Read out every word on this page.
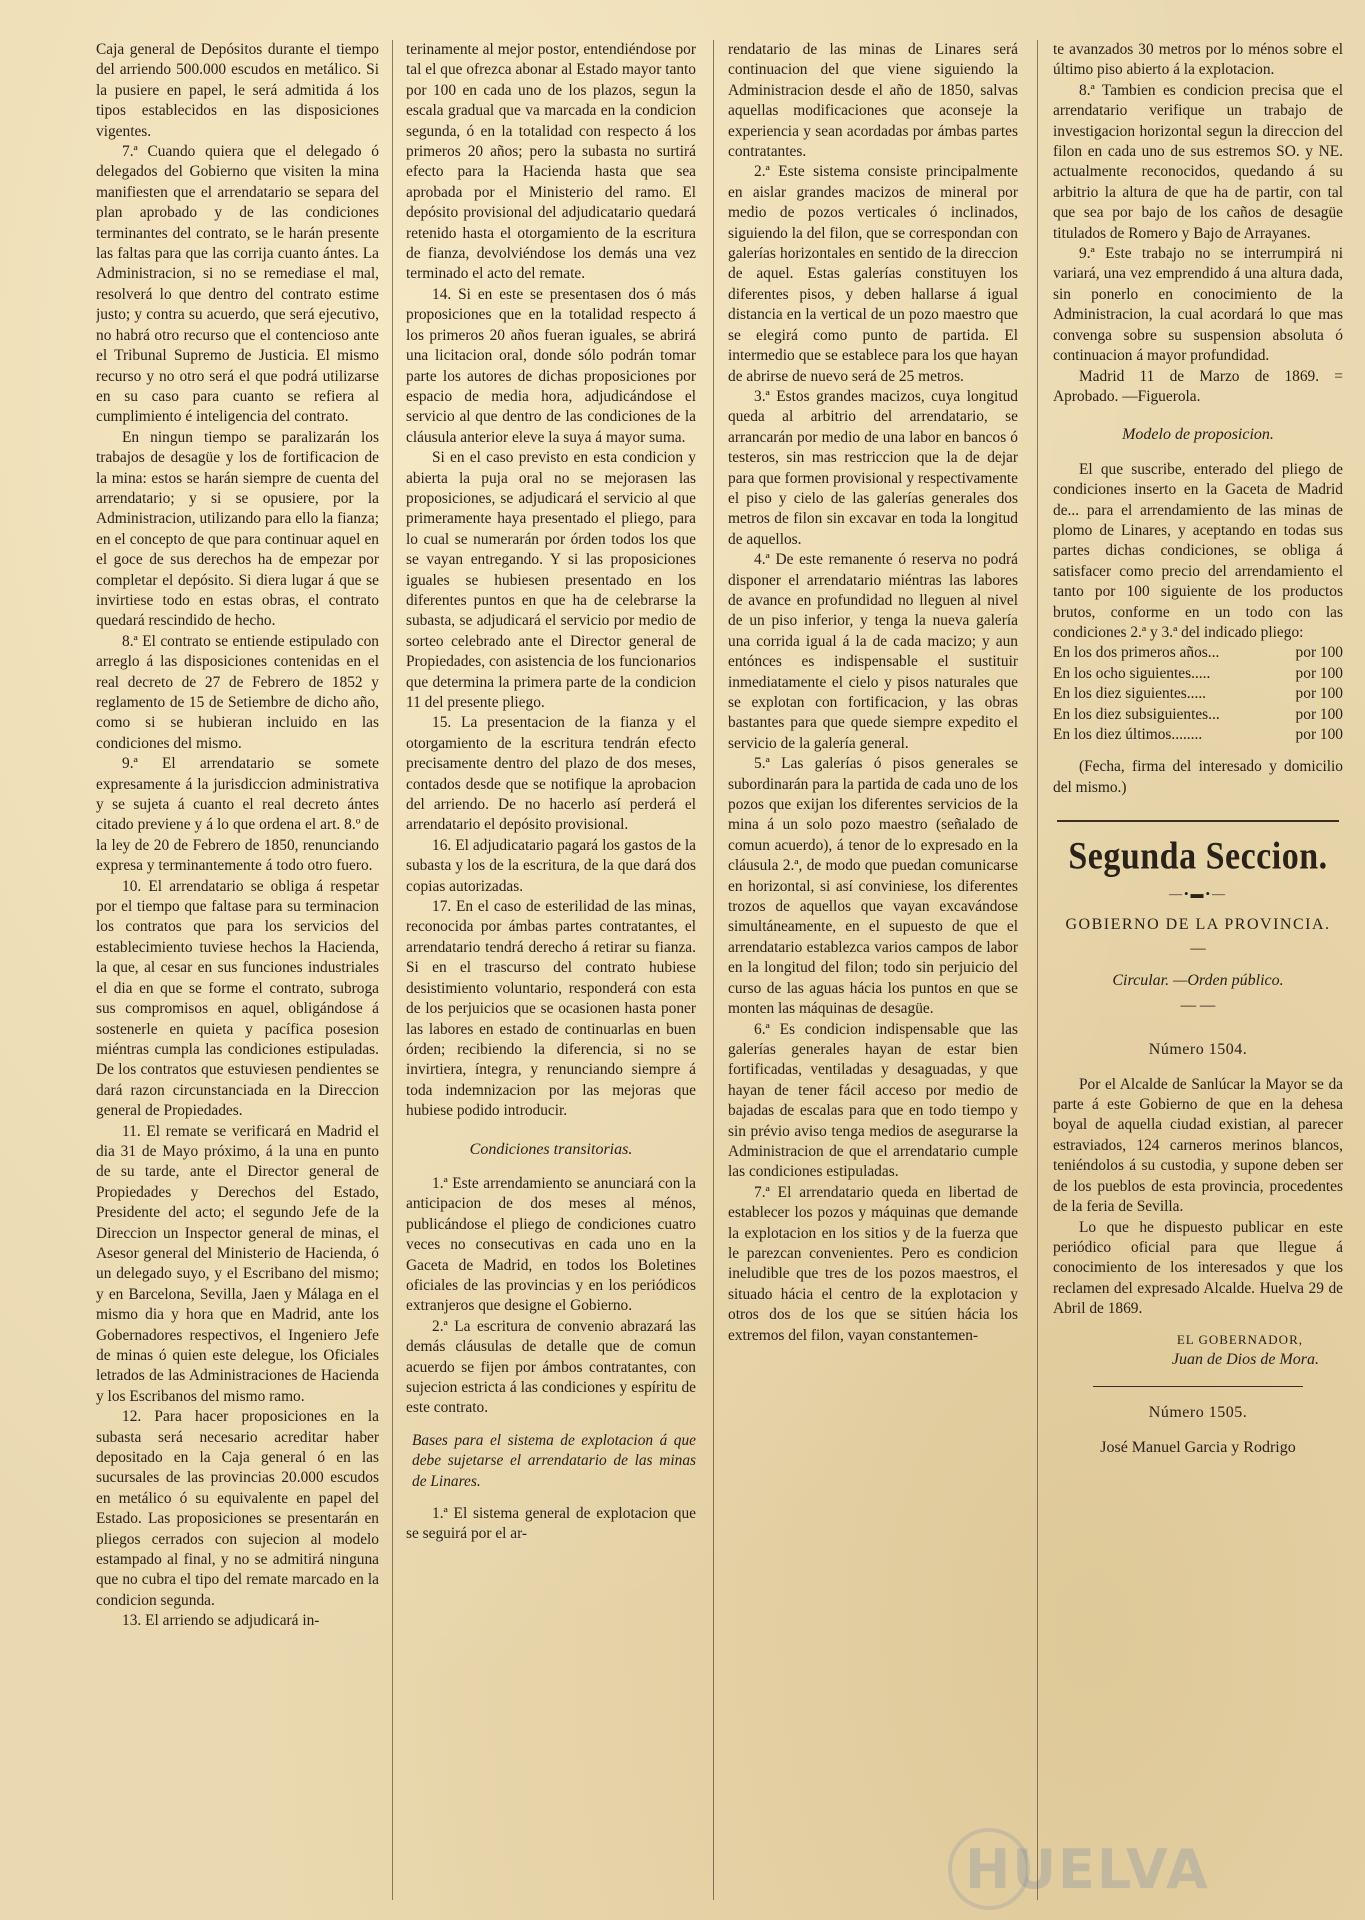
Caja general de Depósitos durante el tiempo del arriendo 500.000 escudos en metálico. Si la pusiere en papel, le será admitida á los tipos establecidos en las disposiciones vigentes.

7.ª Cuando quiera que el delegado ó delegados del Gobierno que visiten la mina manifiesten que el arrendatario se separa del plan aprobado y de las condiciones terminantes del contrato, se le harán presente las faltas para que las corrija cuanto ántes. La Administracion, si no se remediase el mal, resolverá lo que dentro del contrato estime justo; y contra su acuerdo, que será ejecutivo, no habrá otro recurso que el contencioso ante el Tribunal Supremo de Justicia. El mismo recurso y no otro será el que podrá utilizarse en su caso para cuanto se refiera al cumplimiento é inteligencia del contrato.

En ningun tiempo se paralizarán los trabajos de desagüe y los de fortificacion de la mina: estos se harán siempre de cuenta del arrendatario; y si se opusiere, por la Administracion, utilizando para ello la fianza; en el concepto de que para continuar aquel en el goce de sus derechos ha de empezar por completar el depósito. Si diera lugar á que se invirtiese todo en estas obras, el contrato quedará rescindido de hecho.

8.ª El contrato se entiende estipulado con arreglo á las disposiciones contenidas en el real decreto de 27 de Febrero de 1852 y reglamento de 15 de Setiembre de dicho año, como si se hubieran incluido en las condiciones del mismo.

9.ª El arrendatario se somete expresamente á la jurisdiccion administrativa y se sujeta á cuanto el real decreto ántes citado previene y á lo que ordena el art. 8.º de la ley de 20 de Febrero de 1850, renunciando expresa y terminantemente á todo otro fuero.

10. El arrendatario se obliga á respetar por el tiempo que faltase para su terminacion los contratos que para los servicios del establecimiento tuviese hechos la Hacienda, la que, al cesar en sus funciones industriales el dia en que se forme el contrato, subroga sus compromisos en aquel, obligándose á sostenerle en quieta y pacífica posesion miéntras cumpla las condiciones estipuladas. De los contratos que estuviesen pendientes se dará razon circunstanciada en la Direccion general de Propiedades.

11. El remate se verificará en Madrid el dia 31 de Mayo próximo, á la una en punto de su tarde, ante el Director general de Propiedades y Derechos del Estado, Presidente del acto; el segundo Jefe de la Direccion un Inspector general de minas, el Asesor general del Ministerio de Hacienda, ó un delegado suyo, y el Escribano del mismo; y en Barcelona, Sevilla, Jaen y Málaga en el mismo dia y hora que en Madrid, ante los Gobernadores respectivos, el Ingeniero Jefe de minas ó quien este delegue, los Oficiales letrados de las Administraciones de Hacienda y los Escribanos del mismo ramo.

12. Para hacer proposiciones en la subasta será necesario acreditar haber depositado en la Caja general ó en las sucursales de las provincias 20.000 escudos en metálico ó su equivalente en papel del Estado. Las proposiciones se presentarán en pliegos cerrados con sujecion al modelo estampado al final, y no se admitirá ninguna que no cubra el tipo del remate marcado en la condicion segunda.

13. El arriendo se adjudicará in-

terinamente al mejor postor, entendiéndose por tal el que ofrezca abonar al Estado mayor tanto por 100 en cada uno de los plazos, segun la escala gradual que va marcada en la condicion segunda, ó en la totalidad con respecto á los primeros 20 años; pero la subasta no surtirá efecto para la Hacienda hasta que sea aprobada por el Ministerio del ramo. El depósito provisional del adjudicatario quedará retenido hasta el otorgamiento de la escritura de fianza, devolviéndose los demás una vez terminado el acto del remate.

14. Si en este se presentasen dos ó más proposiciones que en la totalidad respecto á los primeros 20 años fueran iguales, se abrirá una licitacion oral, donde sólo podrán tomar parte los autores de dichas proposiciones por espacio de media hora, adjudicándose el servicio al que dentro de las condiciones de la cláusula anterior eleve la suya á mayor suma.

Si en el caso previsto en esta condicion y abierta la puja oral no se mejorasen las proposiciones, se adjudicará el servicio al que primeramente haya presentado el pliego, para lo cual se numerarán por órden todos los que se vayan entregando. Y si las proposiciones iguales se hubiesen presentado en los diferentes puntos en que ha de celebrarse la subasta, se adjudicará el servicio por medio de sorteo celebrado ante el Director general de Propiedades, con asistencia de los funcionarios que determina la primera parte de la condicion 11 del presente pliego.

15. La presentacion de la fianza y el otorgamiento de la escritura tendrán efecto precisamente dentro del plazo de dos meses, contados desde que se notifique la aprobacion del arriendo. De no hacerlo así perderá el arrendatario el depósito provisional.

16. El adjudicatario pagará los gastos de la subasta y los de la escritura, de la que dará dos copias autorizadas.

17. En el caso de esterilidad de las minas, reconocida por ámbas partes contratantes, el arrendatario tendrá derecho á retirar su fianza. Si en el trascurso del contrato hubiese desistimiento voluntario, responderá con esta de los perjuicios que se ocasionen hasta poner las labores en estado de continuarlas en buen órden; recibiendo la diferencia, si no se invirtiera, íntegra, y renunciando siempre á toda indemnizacion por las mejoras que hubiese podido introducir.

Condiciones transitorias.

1.ª Este arrendamiento se anunciará con la anticipacion de dos meses al ménos, publicándose el pliego de condiciones cuatro veces no consecutivas en cada uno en la Gaceta de Madrid, en todos los Boletines oficiales de las provincias y en los periódicos extranjeros que designe el Gobierno.

2.ª La escritura de convenio abrazará las demás cláusulas de detalle que de comun acuerdo se fijen por ámbos contratantes, con sujecion estricta á las condiciones y espíritu de este contrato.

Bases para el sistema de explotacion á que debe sujetarse el arrendatario de las minas de Linares.

1.ª El sistema general de explotacion que se seguirá por el ar-

rendatario de las minas de Linares será continuacion del que viene siguiendo la Administracion desde el año de 1850, salvas aquellas modificaciones que aconseje la experiencia y sean acordadas por ámbas partes contratantes.

2.ª Este sistema consiste principalmente en aislar grandes macizos de mineral por medio de pozos verticales ó inclinados, siguiendo la del filon, que se correspondan con galerías horizontales en sentido de la direccion de aquel. Estas galerías constituyen los diferentes pisos, y deben hallarse á igual distancia en la vertical de un pozo maestro que se elegirá como punto de partida. El intermedio que se establece para los que hayan de abrirse de nuevo será de 25 metros.

3.ª Estos grandes macizos, cuya longitud queda al arbitrio del arrendatario, se arrancarán por medio de una labor en bancos ó testeros, sin mas restriccion que la de dejar para que formen provisional y respectivamente el piso y cielo de las galerías generales dos metros de filon sin excavar en toda la longitud de aquellos.

4.ª De este remanente ó reserva no podrá disponer el arrendatario miéntras las labores de avance en profundidad no lleguen al nivel de un piso inferior, y tenga la nueva galería una corrida igual á la de cada macizo; y aun entónces es indispensable el sustituir inmediatamente el cielo y pisos naturales que se explotan con fortificacion, y las obras bastantes para que quede siempre expedito el servicio de la galería general.

5.ª Las galerías ó pisos generales se subordinarán para la partida de cada uno de los pozos que exijan los diferentes servicios de la mina á un solo pozo maestro (señalado de comun acuerdo), á tenor de lo expresado en la cláusula 2.ª, de modo que puedan comunicarse en horizontal, si así conviniese, los diferentes trozos de aquellos que vayan excavándose simultáneamente, en el supuesto de que el arrendatario establezca varios campos de labor en la longitud del filon; todo sin perjuicio del curso de las aguas hácia los puntos en que se monten las máquinas de desagüe.

6.ª Es condicion indispensable que las galerías generales hayan de estar bien fortificadas, ventiladas y desaguadas, y que hayan de tener fácil acceso por medio de bajadas de escalas para que en todo tiempo y sin prévio aviso tenga medios de asegurarse la Administracion de que el arrendatario cumple las condiciones estipuladas.

7.ª El arrendatario queda en libertad de establecer los pozos y máquinas que demande la explotacion en los sitios y de la fuerza que le parezcan convenientes. Pero es condicion ineludible que tres de los pozos maestros, el situado hácia el centro de la explotacion y otros dos de los que se sitúen hácia los extremos del filon, vayan constantemen-

te avanzados 30 metros por lo ménos sobre el último piso abierto á la explotacion.

8.ª Tambien es condicion precisa que el arrendatario verifique un trabajo de investigacion horizontal segun la direccion del filon en cada uno de sus estremos SO. y NE. actualmente reconocidos, quedando á su arbitrio la altura de que ha de partir, con tal que sea por bajo de los caños de desagüe titulados de Romero y Bajo de Arrayanes.

9.ª Este trabajo no se interrumpirá ni variará, una vez emprendido á una altura dada, sin ponerlo en conocimiento de la Administracion, la cual acordará lo que mas convenga sobre su suspension absoluta ó continuacion á mayor profundidad.

Madrid 11 de Marzo de 1869. = Aprobado. —Figuerola.

Modelo de proposicion.

El que suscribe, enterado del pliego de condiciones inserto en la Gaceta de Madrid de... para el arrendamiento de las minas de plomo de Linares, y aceptando en todas sus partes dichas condiciones, se obliga á satisfacer como precio del arrendamiento el tanto por 100 siguiente de los productos brutos, conforme en un todo con las condiciones 2.ª y 3.ª del indicado pliego:

En los dos primeros años...	por 100
En los ocho siguientes.....	por 100
En los diez siguientes.....	por 100
En los diez subsiguientes...	por 100
En los diez últimos........	por 100

(Fecha, firma del interesado y domicilio del mismo.)

Segunda Seccion.

—•▬•—

GOBIERNO DE LA PROVINCIA.

—

Circular. —Orden público.

— —

Número 1504.

Por el Alcalde de Sanlúcar la Mayor se da parte á este Gobierno de que en la dehesa boyal de aquella ciudad existian, al parecer estraviados, 124 carneros merinos blancos, teniéndolos á su custodia, y supone deben ser de los pueblos de esta provincia, procedentes de la feria de Sevilla.

Lo que he dispuesto publicar en este periódico oficial para que llegue á conocimiento de los interesados y que los reclamen del expresado Alcalde. Huelva 29 de Abril de 1869.

EL GOBERNADOR,

Juan de Dios de Mora.

Número 1505.

José Manuel Garcia y Rodrigo

HUELVA
